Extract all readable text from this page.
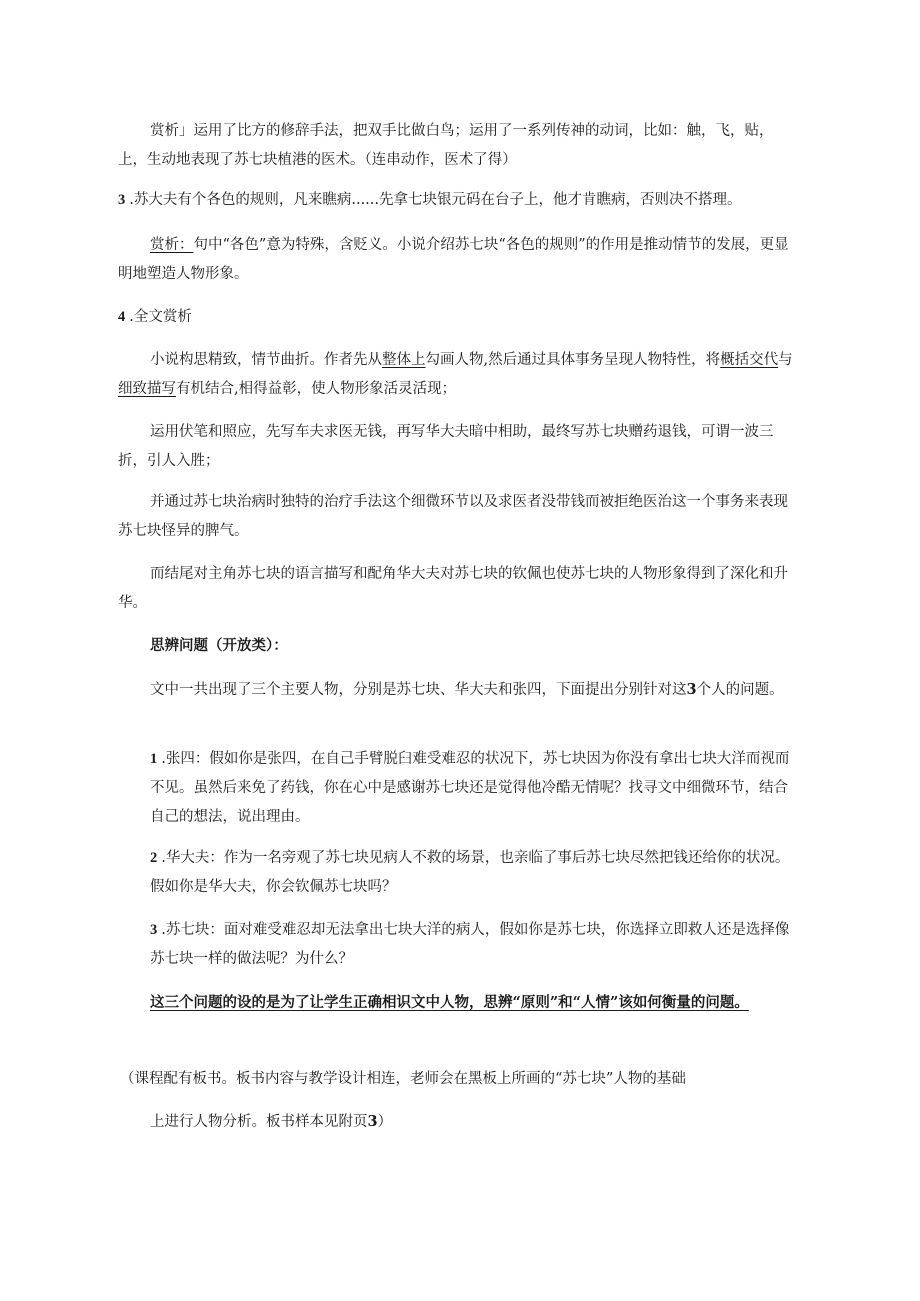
赏析」运用了比方的修辞手法，把双手比做白鸟；运用了一系列传神的动词，比如：触，飞，贴，上，生动地表现了苏七块植港的医术。（连串动作，医术了得）
3 .苏大夫有个各色的规则，凡来瞧病......先拿七块银元码在台子上，他才肯瞧病，否则决不搭理。
赏析：句中“各色”意为特殊，含贬义。小说介绍苏七块“各色的规则”的作用是推动情节的发展，更显明地塑造人物形象。
4 .全文赏析
小说构思精致，情节曲折。作者先从整体上勾画人物,然后通过具体事务呈现人物特性，将概括交代与细致描写有机结合,相得益彰，使人物形象活灵活现；
运用伏笔和照应，先写车夫求医无钱，再写华大夫暗中相助，最终写苏七块赠药退钱，可谓一波三折，引人入胜；
并通过苏七块治病时独特的治疗手法这个细微环节以及求医者没带钱而被拒绝医治这一个事务来表现苏七块怪异的脾气。
而结尾对主角苏七块的语言描写和配角华大夫对苏七块的钦佩也使苏七块的人物形象得到了深化和升华。
思辨问题（开放类）：
文中一共出现了三个主要人物，分别是苏七块、华大夫和张四，下面提出分别针对这3个人的问题。
1 .张四：假如你是张四，在自己手臂脱臼难受难忍的状况下，苏七块因为你没有拿出七块大洋而视而不见。虽然后来免了药钱，你在心中是感谢苏七块还是觉得他冷酷无情呢？找寻文中细微环节，结合自己的想法，说出理由。
2 .华大夫：作为一名旁观了苏七块见病人不救的场景，也亲临了事后苏七块尽然把钱还给你的状况。假如你是华大夫，你会钦佩苏七块吗？
3 .苏七块：面对难受难忍却无法拿出七块大洋的病人，假如你是苏七块，你选择立即救人还是选择像苏七块一样的做法呢？为什么？
这三个问题的设的是为了让学生正确相识文中人物，思辨“原则”和“人情”该如何衡量的问题。
（课程配有板书。板书内容与教学设计相连，老师会在黑板上所画的“苏七块”人物的基础
上进行人物分析。板书样本见附页3）
